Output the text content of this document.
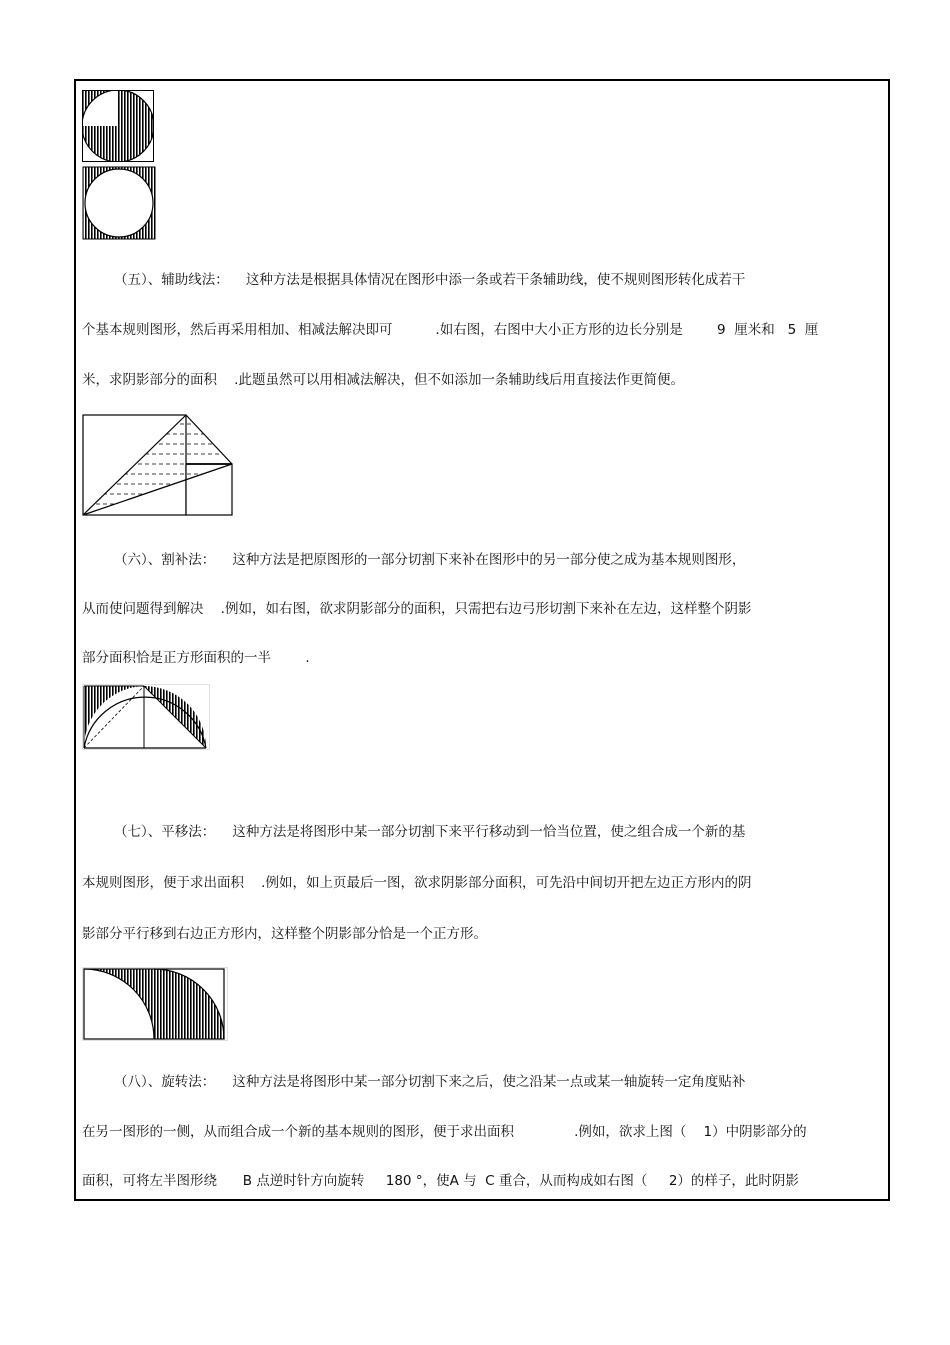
（五）、辅助线法：    这种方法是根据具体情况在图形中添一条或若干条辅助线，使不规则图形转化成若干
个基本规则图形，然后再采用相加、相减法解决即可          .如右图，右图中大小正方形的边长分别是        9  厘米和   5  厘
米，求阴影部分的面积    .此题虽然可以用相减法解决，但不如添加一条辅助线后用直接法作更简便。
（六）、割补法：    这种方法是把原图形的一部分切割下来补在图形中的另一部分使之成为基本规则图形，
从而使问题得到解决    .例如，如右图，欲求阴影部分的面积，只需把右边弓形切割下来补在左边，这样整个阴影
部分面积恰是正方形面积的一半        .
（七）、平移法：    这种方法是将图形中某一部分切割下来平行移动到一恰当位置，使之组合成一个新的基
本规则图形，便于求出面积    .例如，如上页最后一图，欲求阴影部分面积，可先沿中间切开把左边正方形内的阴
影部分平行移到右边正方形内，这样整个阴影部分恰是一个正方形。
（八）、旋转法：    这种方法是将图形中某一部分切割下来之后，使之沿某一点或某一轴旋转一定角度贴补
在另一图形的一侧，从而组合成一个新的基本规则的图形，便于求出面积              .例如，欲求上图（    1）中阴影部分的
面积，可将左半图形绕      B 点逆时针方向旋转     180 °，使A 与  C 重合，从而构成如右图（     2）的样子，此时阴影
